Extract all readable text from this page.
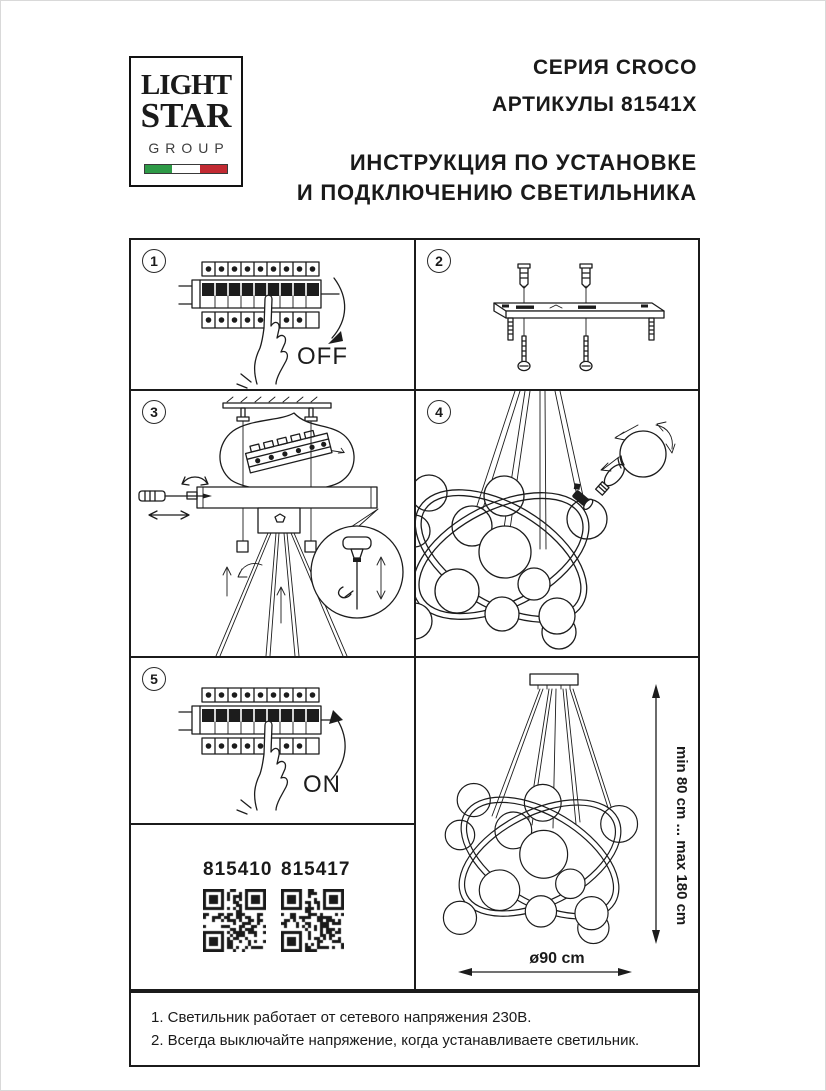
LIGHT
STAR
GROUP
СЕРИЯ CROCO
АРТИКУЛЫ 81541X
ИНСТРУКЦИЯ ПО УСТАНОВКЕ
И ПОДКЛЮЧЕНИЮ СВЕТИЛЬНИКА
1
OFF
2
3	4
5
ON
815410 815417	min 80 cm ... max 180 cm
ø90 cm
1. Светильник работает от сетевого напряжения 230В.
2. Всегда выключайте напряжение, когда устанавливаете светильник.
